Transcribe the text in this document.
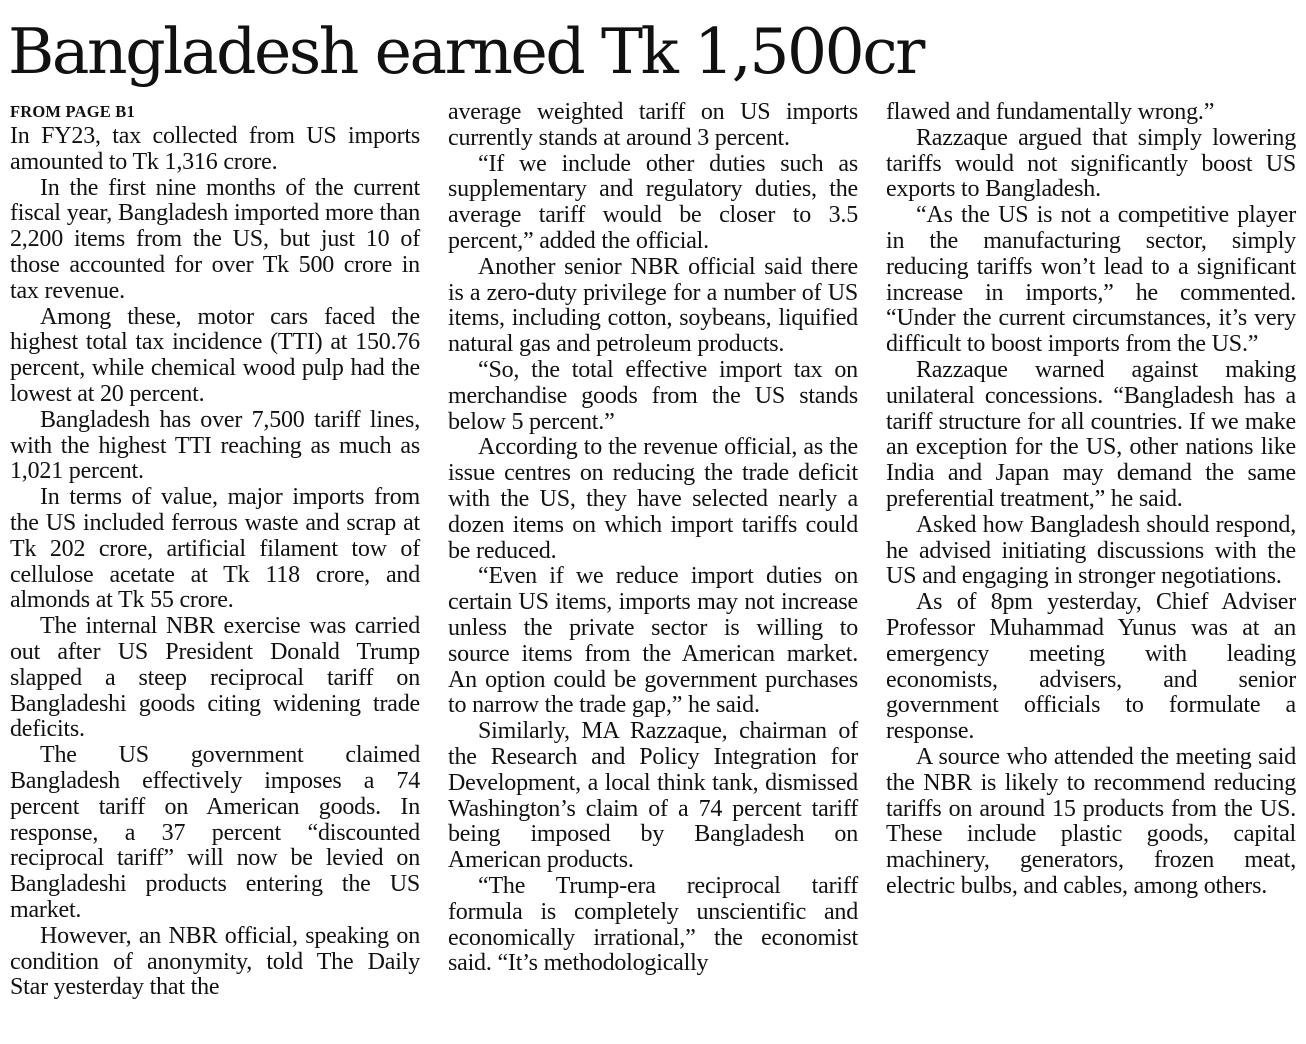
Bangladesh earned Tk 1,500cr
FROM PAGE B1

In FY23, tax collected from US imports amounted to Tk 1,316 crore.

In the first nine months of the current fiscal year, Bangladesh imported more than 2,200 items from the US, but just 10 of those accounted for over Tk 500 crore in tax revenue.

Among these, motor cars faced the highest total tax incidence (TTI) at 150.76 percent, while chemical wood pulp had the lowest at 20 percent.

Bangladesh has over 7,500 tariff lines, with the highest TTI reaching as much as 1,021 percent.

In terms of value, major imports from the US included ferrous waste and scrap at Tk 202 crore, artificial filament tow of cellulose acetate at Tk 118 crore, and almonds at Tk 55 crore.

The internal NBR exercise was carried out after US President Donald Trump slapped a steep reciprocal tariff on Bangladeshi goods citing widening trade deficits.

The US government claimed Bangladesh effectively imposes a 74 percent tariff on American goods. In response, a 37 percent “discounted reciprocal tariff” will now be levied on Bangladeshi products entering the US market.

However, an NBR official, speaking on condition of anonymity, told The Daily Star yesterday that the

average weighted tariff on US imports currently stands at around 3 percent.

“If we include other duties such as supplementary and regulatory duties, the average tariff would be closer to 3.5 percent,” added the official.

Another senior NBR official said there is a zero-duty privilege for a number of US items, including cotton, soybeans, liquified natural gas and petroleum products.

“So, the total effective import tax on merchandise goods from the US stands below 5 percent.”

According to the revenue official, as the issue centres on reducing the trade deficit with the US, they have selected nearly a dozen items on which import tariffs could be reduced.

“Even if we reduce import duties on certain US items, imports may not increase unless the private sector is willing to source items from the American market. An option could be government purchases to narrow the trade gap,” he said.

Similarly, MA Razzaque, chairman of the Research and Policy Integration for Development, a local think tank, dismissed Washington’s claim of a 74 percent tariff being imposed by Bangladesh on American products.

“The Trump-era reciprocal tariff formula is completely unscientific and economically irrational,” the economist said. “It’s methodologically

flawed and fundamentally wrong.”

Razzaque argued that simply lowering tariffs would not significantly boost US exports to Bangladesh.

“As the US is not a competitive player in the manufacturing sector, simply reducing tariffs won’t lead to a significant increase in imports,” he commented. “Under the current circumstances, it’s very difficult to boost imports from the US.”

Razzaque warned against making unilateral concessions. “Bangladesh has a tariff structure for all countries. If we make an exception for the US, other nations like India and Japan may demand the same preferential treatment,” he said.

Asked how Bangladesh should respond, he advised initiating discussions with the US and engaging in stronger negotiations.

As of 8pm yesterday, Chief Adviser Professor Muhammad Yunus was at an emergency meeting with leading economists, advisers, and senior government officials to formulate a response.

A source who attended the meeting said the NBR is likely to recommend reducing tariffs on around 15 products from the US. These include plastic goods, capital machinery, generators, frozen meat, electric bulbs, and cables, among others.
